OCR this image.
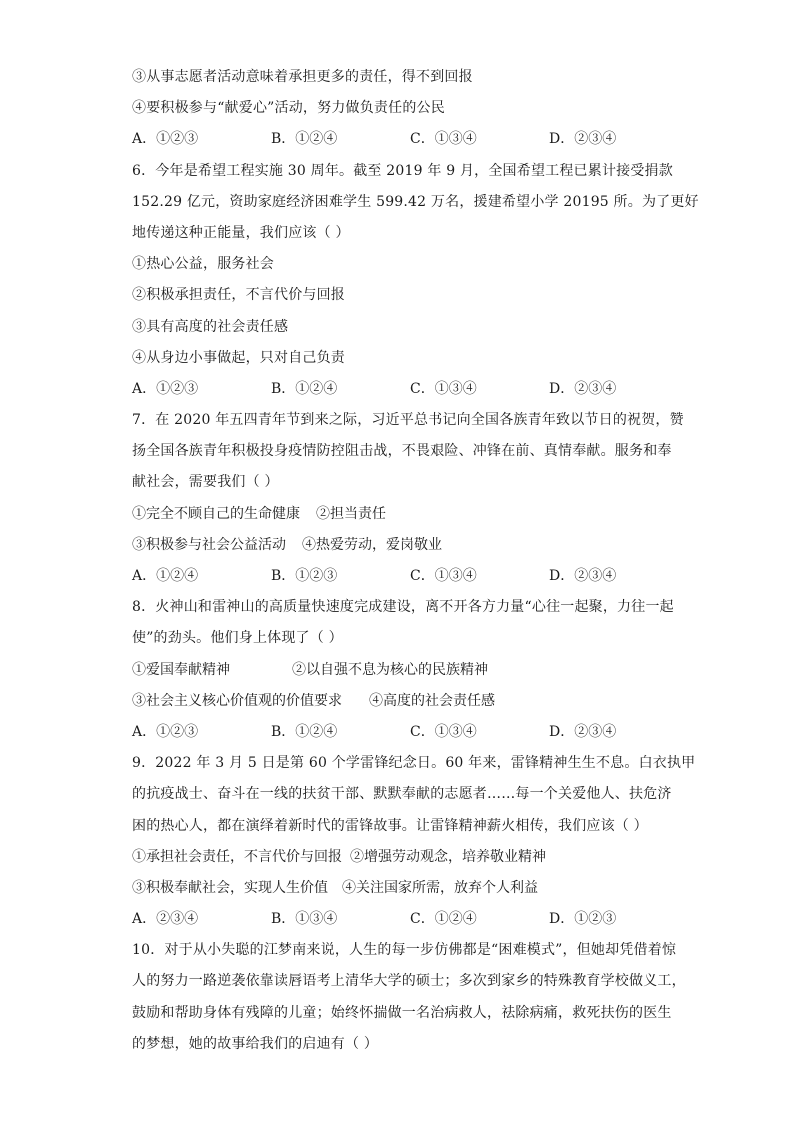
③从事志愿者活动意味着承担更多的责任，得不到回报
④要积极参与“献爱心”活动，努力做负责任的公民
A．①②③	B．①②④	C．①③④	D．②③④
6．今年是希望工程实施 30 周年。截至 2019 年 9 月，全国希望工程已累计接受捐款
152.29 亿元，资助家庭经济困难学生 599.42 万名，援建希望小学 20195 所。为了更好
地传递这种正能量，我们应该（ ）
①热心公益，服务社会
②积极承担责任，不言代价与回报
③具有高度的社会责任感
④从身边小事做起，只对自己负责
A．①②③	B．①②④	C．①③④	D．②③④
7．在 2020 年五四青年节到来之际，习近平总书记向全国各族青年致以节日的祝贺，赞
扬全国各族青年积极投身疫情防控阻击战，不畏艰险、冲锋在前、真情奉献。服务和奉
献社会，需要我们（ ）
①完全不顾自己的生命健康	②担当责任
③积极参与社会公益活动	④热爱劳动，爱岗敬业
A．①②④	B．①②③	C．①③④	D．②③④
8．火神山和雷神山的高质量快速度完成建设，离不开各方力量“心往一起聚，力往一起
使”的劲头。他们身上体现了（ ）
①爱国奉献精神	②以自强不息为核心的民族精神
③社会主义核心价值观的价值要求	④高度的社会责任感
A．①②③	B．①②④	C．①③④	D．②③④
9．2022 年 3 月 5 日是第 60 个学雷锋纪念日。60 年来，雷锋精神生生不息。白衣执甲
的抗疫战士、奋斗在一线的扶贫干部、默默奉献的志愿者……每一个关爱他人、扶危济
困的热心人，都在演绎着新时代的雷锋故事。让雷锋精神薪火相传，我们应该（ ）
①承担社会责任，不言代价与回报 ②增强劳动观念，培养敬业精神
③积极奉献社会，实现人生价值	④关注国家所需，放弃个人利益
A．②③④	B．①③④	C．①②④	D．①②③
10．对于从小失聪的江梦南来说，人生的每一步仿佛都是“困难模式”，但她却凭借着惊
人的努力一路逆袭依靠读唇语考上清华大学的硕士；多次到家乡的特殊教育学校做义工，
鼓励和帮助身体有残障的儿童；始终怀揣做一名治病救人，祛除病痛，救死扶伤的医生
的梦想，她的故事给我们的启迪有（ ）
